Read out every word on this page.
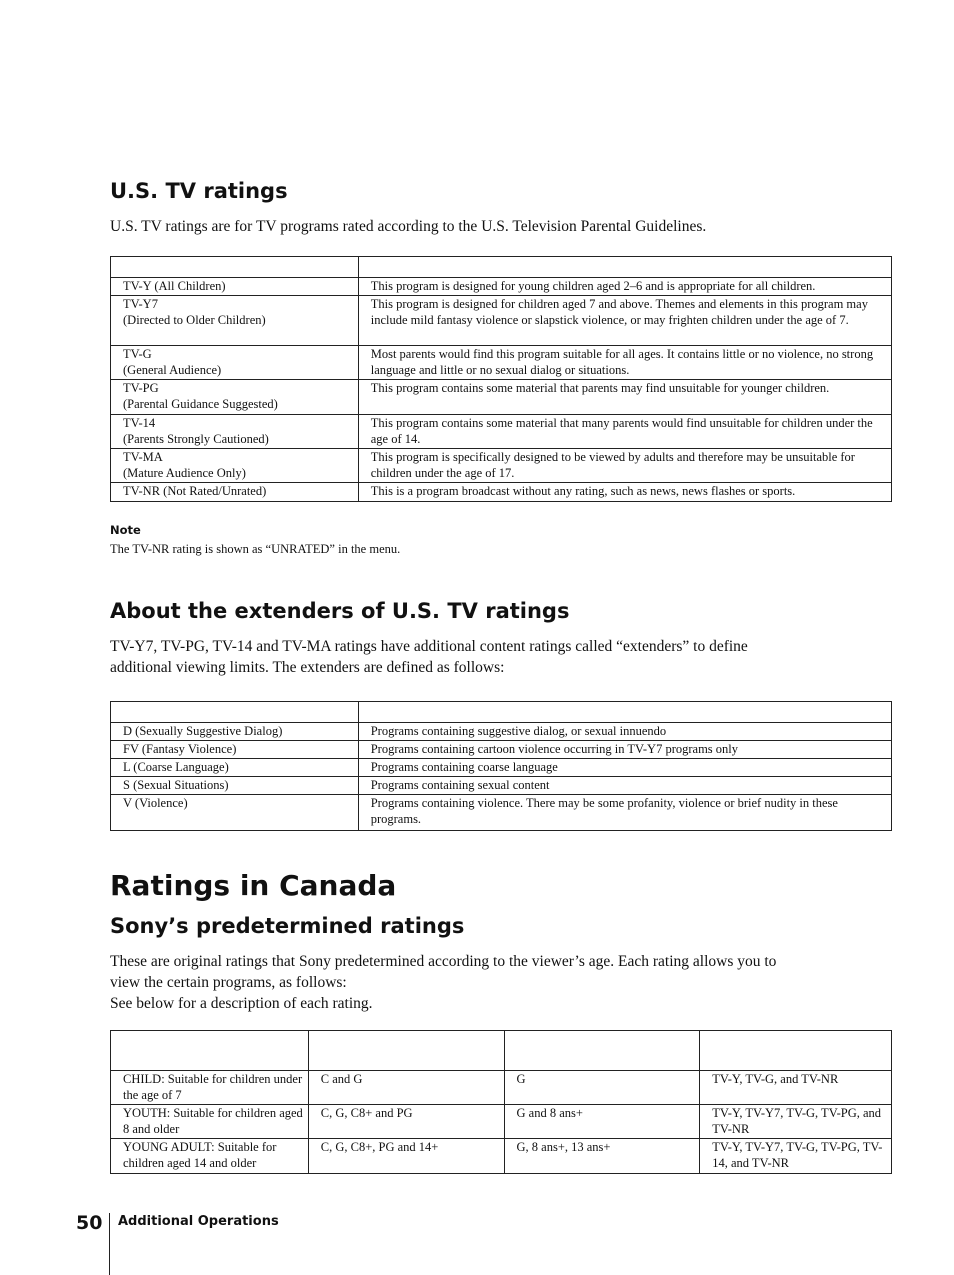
U.S. TV ratings

U.S. TV ratings are for TV programs rated according to the U.S. Television Parental Guidelines.

TV-Y (All Children)	This program is designed for young children aged 2–6 and is appropriate for all children.

TV-Y7
(Directed to Older Children)	This program is designed for children aged 7 and above. Themes and elements in this program may include mild fantasy violence or slapstick violence, or may frighten children under the age of 7.

TV-G
(General Audience)	Most parents would find this program suitable for all ages. It contains little or no violence, no strong language and little or no sexual dialog or situations.

TV-PG
(Parental Guidance Suggested)	This program contains some material that parents may find unsuitable for younger children.

TV-14
(Parents Strongly Cautioned)	This program contains some material that many parents would find unsuitable for children under the age of 14.

TV-MA
(Mature Audience Only)	This program is specifically designed to be viewed by adults and therefore may be unsuitable for children under the age of 17.
TV-NR (Not Rated/Unrated)	This is a program broadcast without any rating, such as news, news flashes or sports.
Note
The TV-NR rating is shown as “UNRATED” in the menu.
About the extenders of U.S. TV ratings

TV-Y7, TV-PG, TV-14 and TV-MA ratings have additional content ratings called “extenders” to define

additional viewing limits. The extenders are defined as follows:

D (Sexually Suggestive Dialog)	Programs containing suggestive dialog, or sexual innuendo
FV (Fantasy Violence)	Programs containing cartoon violence occurring in TV-Y7 programs only
L (Coarse Language)	Programs containing coarse language
S (Sexual Situations)	Programs containing sexual content
V (Violence)	Programs containing violence. There may be some profanity, violence or brief nudity in these programs.
Ratings in Canada
Sony’s predetermined ratings

These are original ratings that Sony predetermined according to the viewer’s age. Each rating allows you to

view the certain programs, as follows:

See below for a description of each rating.

CHILD: Suitable for children under the age of 7	C and G	G	TV-Y, TV-G, and TV-NR
YOUTH: Suitable for children aged 8 and older	C, G, C8+ and PG	G and 8 ans+	TV-Y, TV-Y7, TV-G, TV-PG, and TV-NR
YOUNG ADULT: Suitable for children aged 14 and older	C, G, C8+, PG and 14+	G, 8 ans+, 13 ans+	TV-Y, TV-Y7, TV-G, TV-PG, TV-14, and TV-NR
50 Additional Operations
